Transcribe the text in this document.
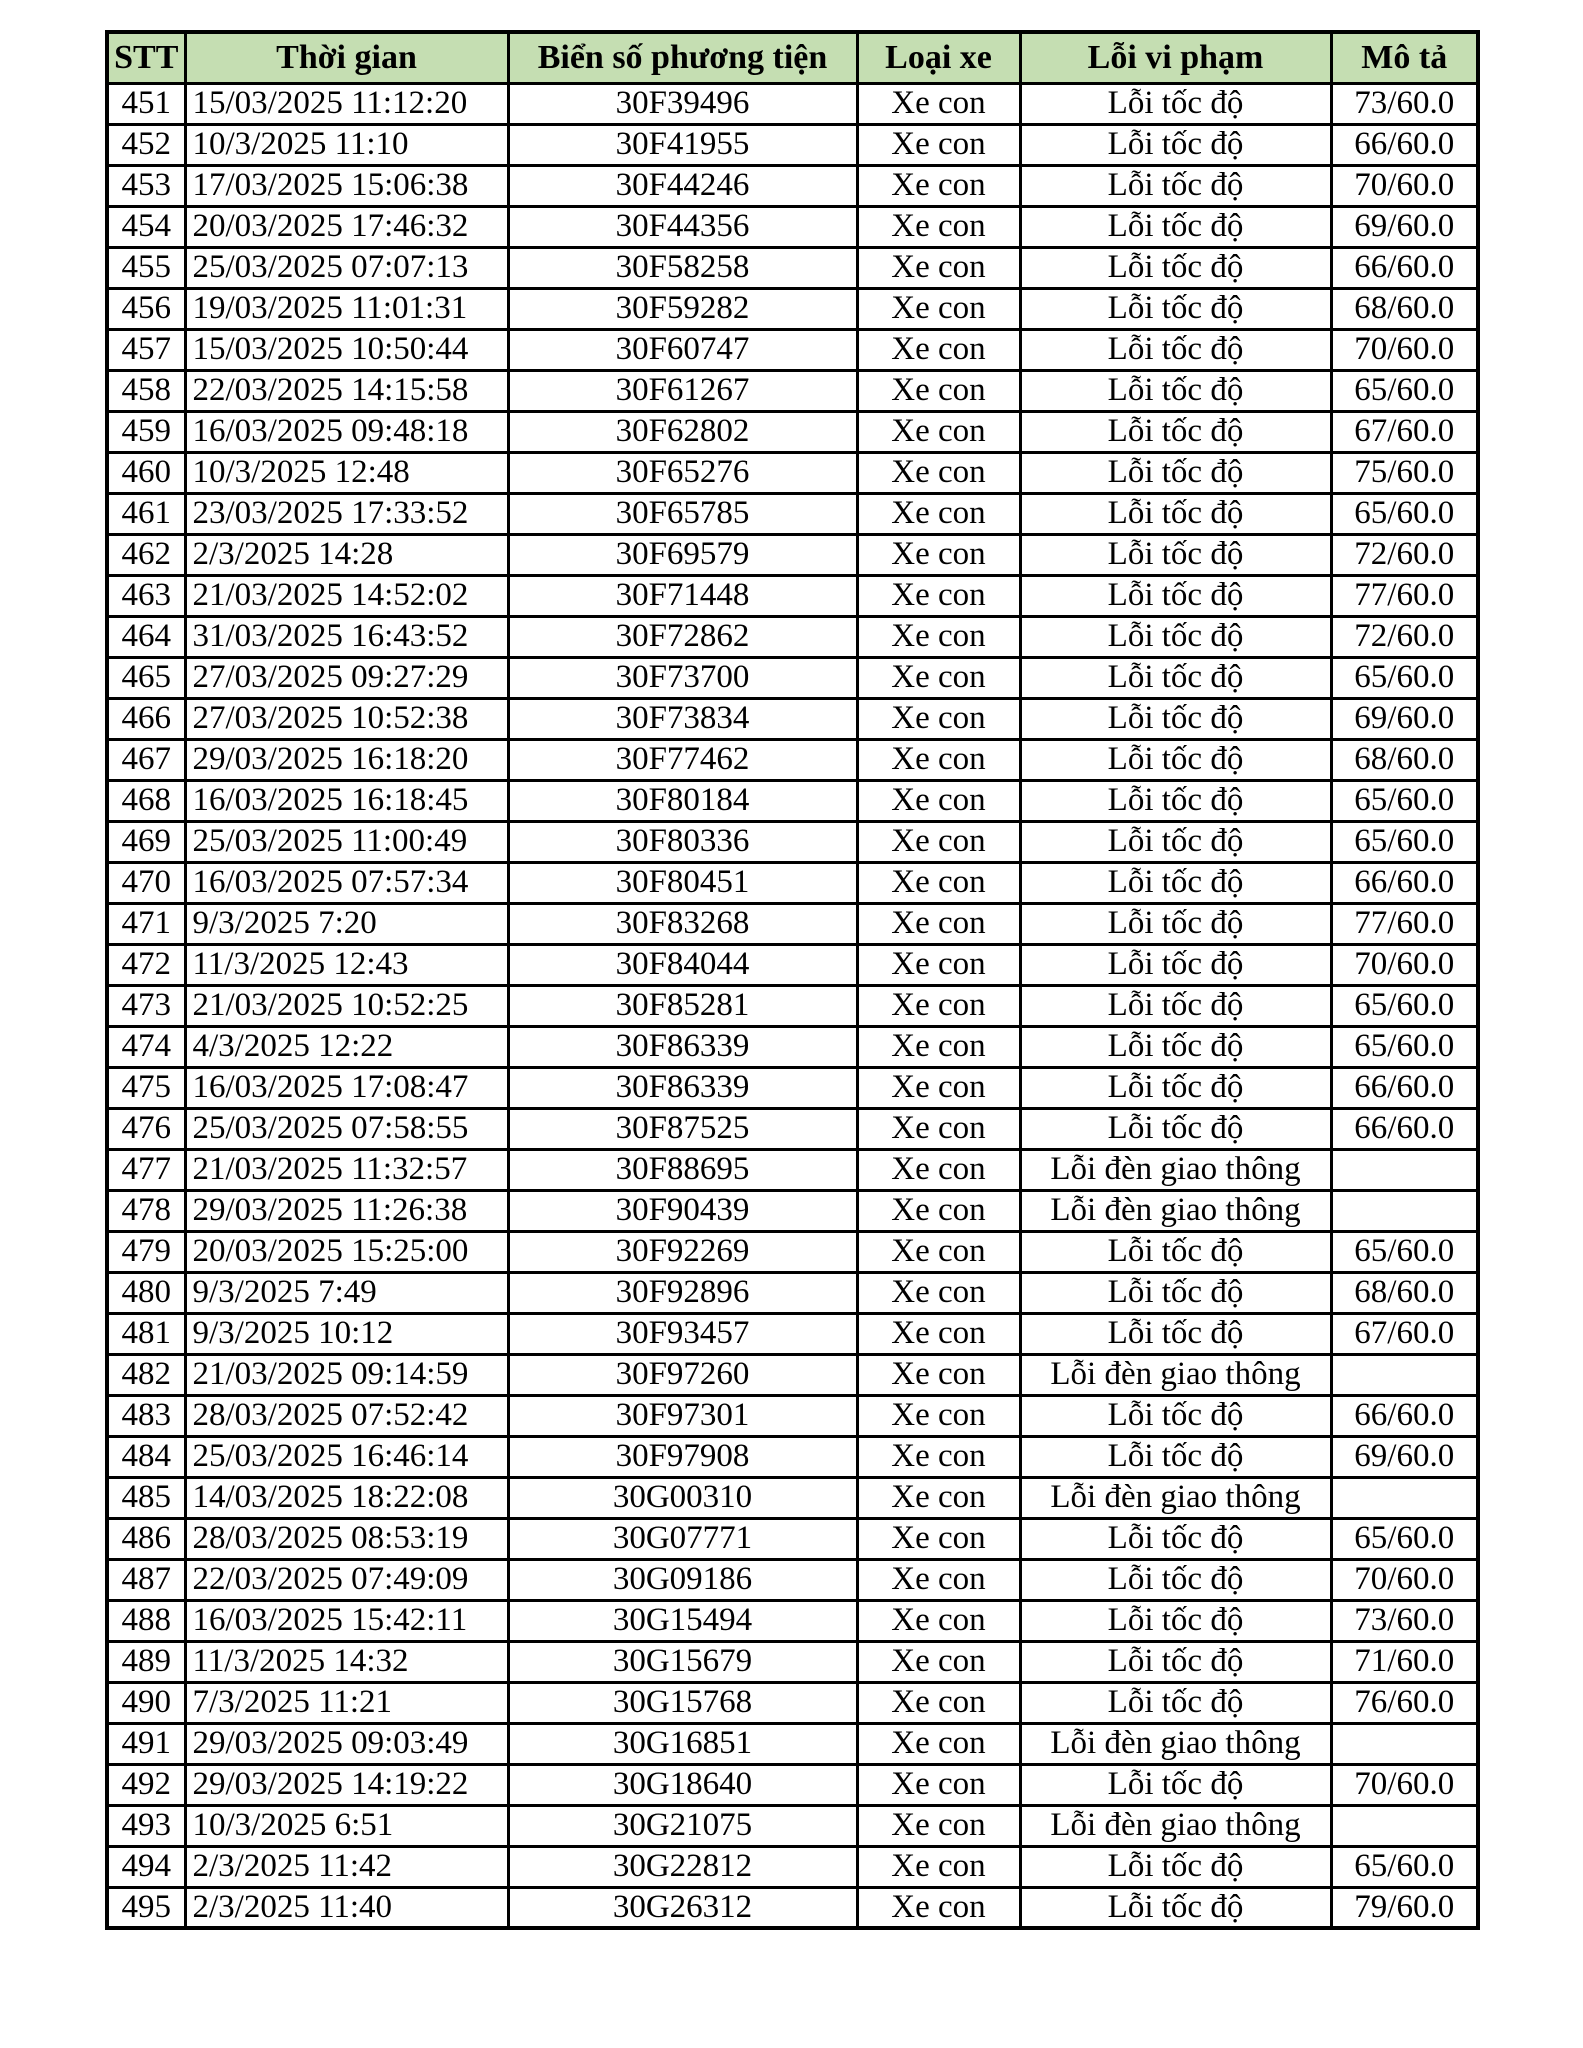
STT	Thời gian	Biển số phương tiện	Loại xe	Lỗi vi phạm	Mô tả
451	15/03/2025 11:12:20	30F39496	Xe con	Lỗi tốc độ	73/60.0
452	10/3/2025 11:10	30F41955	Xe con	Lỗi tốc độ	66/60.0
453	17/03/2025 15:06:38	30F44246	Xe con	Lỗi tốc độ	70/60.0
454	20/03/2025 17:46:32	30F44356	Xe con	Lỗi tốc độ	69/60.0
455	25/03/2025 07:07:13	30F58258	Xe con	Lỗi tốc độ	66/60.0
456	19/03/2025 11:01:31	30F59282	Xe con	Lỗi tốc độ	68/60.0
457	15/03/2025 10:50:44	30F60747	Xe con	Lỗi tốc độ	70/60.0
458	22/03/2025 14:15:58	30F61267	Xe con	Lỗi tốc độ	65/60.0
459	16/03/2025 09:48:18	30F62802	Xe con	Lỗi tốc độ	67/60.0
460	10/3/2025 12:48	30F65276	Xe con	Lỗi tốc độ	75/60.0
461	23/03/2025 17:33:52	30F65785	Xe con	Lỗi tốc độ	65/60.0
462	2/3/2025 14:28	30F69579	Xe con	Lỗi tốc độ	72/60.0
463	21/03/2025 14:52:02	30F71448	Xe con	Lỗi tốc độ	77/60.0
464	31/03/2025 16:43:52	30F72862	Xe con	Lỗi tốc độ	72/60.0
465	27/03/2025 09:27:29	30F73700	Xe con	Lỗi tốc độ	65/60.0
466	27/03/2025 10:52:38	30F73834	Xe con	Lỗi tốc độ	69/60.0
467	29/03/2025 16:18:20	30F77462	Xe con	Lỗi tốc độ	68/60.0
468	16/03/2025 16:18:45	30F80184	Xe con	Lỗi tốc độ	65/60.0
469	25/03/2025 11:00:49	30F80336	Xe con	Lỗi tốc độ	65/60.0
470	16/03/2025 07:57:34	30F80451	Xe con	Lỗi tốc độ	66/60.0
471	9/3/2025 7:20	30F83268	Xe con	Lỗi tốc độ	77/60.0
472	11/3/2025 12:43	30F84044	Xe con	Lỗi tốc độ	70/60.0
473	21/03/2025 10:52:25	30F85281	Xe con	Lỗi tốc độ	65/60.0
474	4/3/2025 12:22	30F86339	Xe con	Lỗi tốc độ	65/60.0
475	16/03/2025 17:08:47	30F86339	Xe con	Lỗi tốc độ	66/60.0
476	25/03/2025 07:58:55	30F87525	Xe con	Lỗi tốc độ	66/60.0
477	21/03/2025 11:32:57	30F88695	Xe con	Lỗi đèn giao thông	
478	29/03/2025 11:26:38	30F90439	Xe con	Lỗi đèn giao thông	
479	20/03/2025 15:25:00	30F92269	Xe con	Lỗi tốc độ	65/60.0
480	9/3/2025 7:49	30F92896	Xe con	Lỗi tốc độ	68/60.0
481	9/3/2025 10:12	30F93457	Xe con	Lỗi tốc độ	67/60.0
482	21/03/2025 09:14:59	30F97260	Xe con	Lỗi đèn giao thông	
483	28/03/2025 07:52:42	30F97301	Xe con	Lỗi tốc độ	66/60.0
484	25/03/2025 16:46:14	30F97908	Xe con	Lỗi tốc độ	69/60.0
485	14/03/2025 18:22:08	30G00310	Xe con	Lỗi đèn giao thông	
486	28/03/2025 08:53:19	30G07771	Xe con	Lỗi tốc độ	65/60.0
487	22/03/2025 07:49:09	30G09186	Xe con	Lỗi tốc độ	70/60.0
488	16/03/2025 15:42:11	30G15494	Xe con	Lỗi tốc độ	73/60.0
489	11/3/2025 14:32	30G15679	Xe con	Lỗi tốc độ	71/60.0
490	7/3/2025 11:21	30G15768	Xe con	Lỗi tốc độ	76/60.0
491	29/03/2025 09:03:49	30G16851	Xe con	Lỗi đèn giao thông	
492	29/03/2025 14:19:22	30G18640	Xe con	Lỗi tốc độ	70/60.0
493	10/3/2025 6:51	30G21075	Xe con	Lỗi đèn giao thông	
494	2/3/2025 11:42	30G22812	Xe con	Lỗi tốc độ	65/60.0
495	2/3/2025 11:40	30G26312	Xe con	Lỗi tốc độ	79/60.0
